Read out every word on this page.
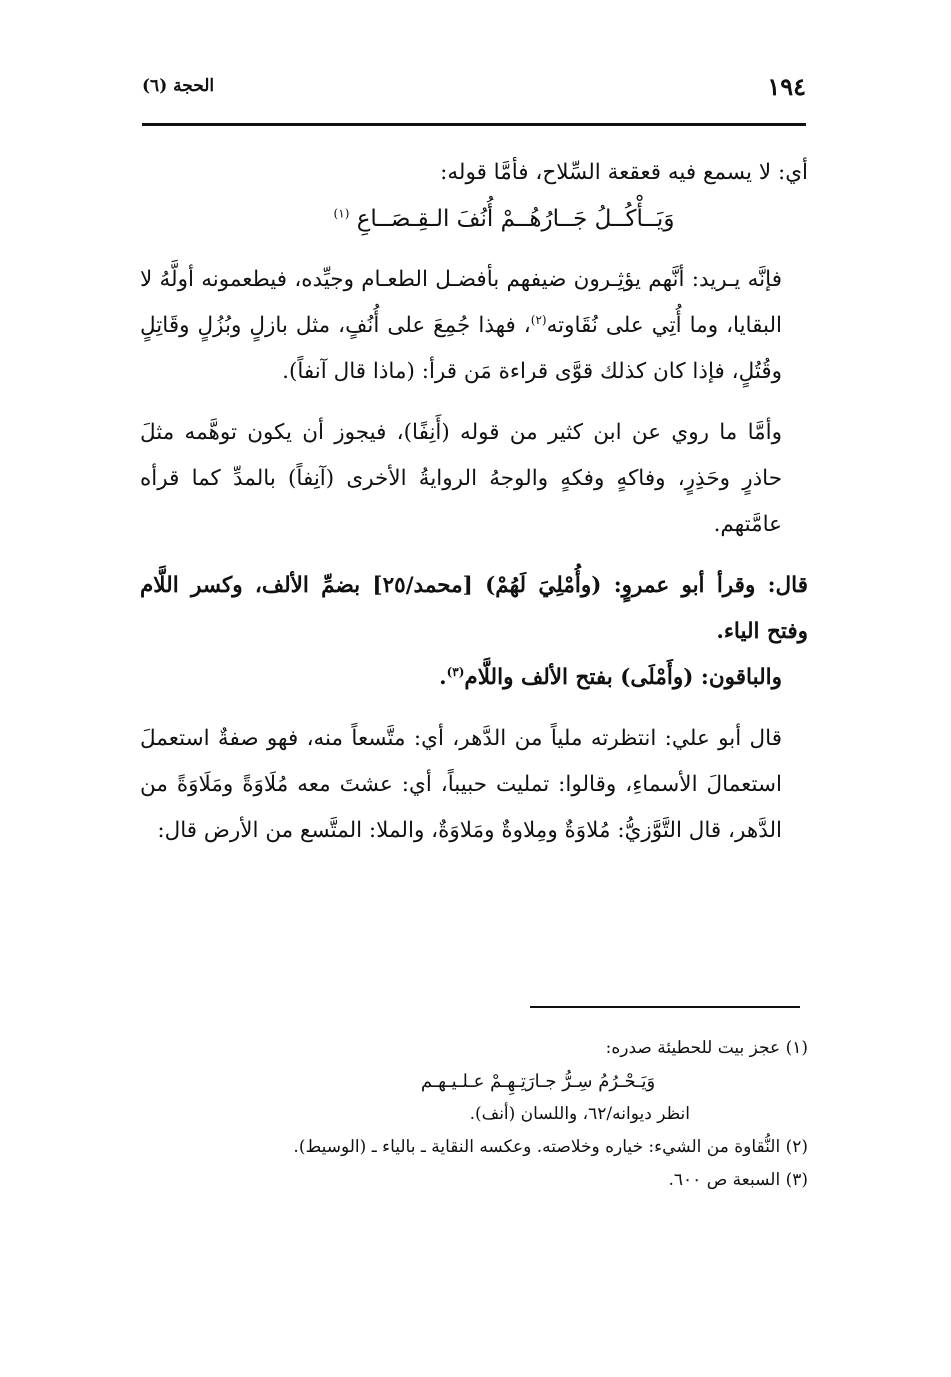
١٩٤
الحجة (٦)

أي: لا يسمع فيه قعقعة السِّلاح، فأمَّا قوله:

وَيَــأْكُــلُ جَــارُهُــمْ أُنُفَ الـقِـصَــاعِ $^{(١)}$

فإنَّه يـريد: أنَّهم يؤثِـرون ضيفهم بأفضـل الطعـام وجيِّده، فيطعمونه أولَّهُ لا البقايا، وما أُتِي على نُقَاوته$^{(٢)}$، فهذا جُمِعَ على أُنُفٍ، مثل بازلٍ وبُزُلٍ وقَاتِلٍ وقُتُلٍ، فإذا كان كذلك قوَّى قراءة مَن قرأ: (ماذا قال آنفاً).

وأمَّا ما روي عن ابن كثير من قوله (أَنِفًا)، فيجوز أن يكون توهَّمه مثلَ حاذرٍ وحَذِرٍ، وفاكهٍ وفكهٍ والوجهُ الروايةُ الأخرى (آنِفاً) بالمدِّ كما قرأه عامَّتهم.

قال: وقرأ أبو عمروٍ: (وأُمْلِيَ لَهُمْ) [محمد/٢٥] بضمِّ الألف، وكسر اللَّام وفتح الياء.

والباقون: (وأَمْلَى) بفتح الألف واللَّام$^{(٣)}$.

قال أبو علي: انتظرته ملياً من الدَّهر، أي: متَّسعاً منه، فهو صفةٌ استعملَ استعمالَ الأسماءِ، وقالوا: تمليت حبيباً، أي: عشتَ معه مُلَاوَةً ومَلَاوَةً من الدَّهر، قال التَّوَّزيُّ: مُلاوَةٌ ومِلاوةٌ ومَلاوَةٌ، والملا: المتَّسع من الأرض قال:

(١) عجز بيت للحطيئة صدره:

وَيَـحْـرُمُ سِـرُّ جـارَتِـهِـمْ عـلـيـهـم

انظر ديوانه/٦٢، واللسان (أنف).

(٢) النُّقاوة من الشيء: خياره وخلاصته. وعكسه النقاية ـ بالياء ـ (الوسيط).

(٣) السبعة ص ٦٠٠.
